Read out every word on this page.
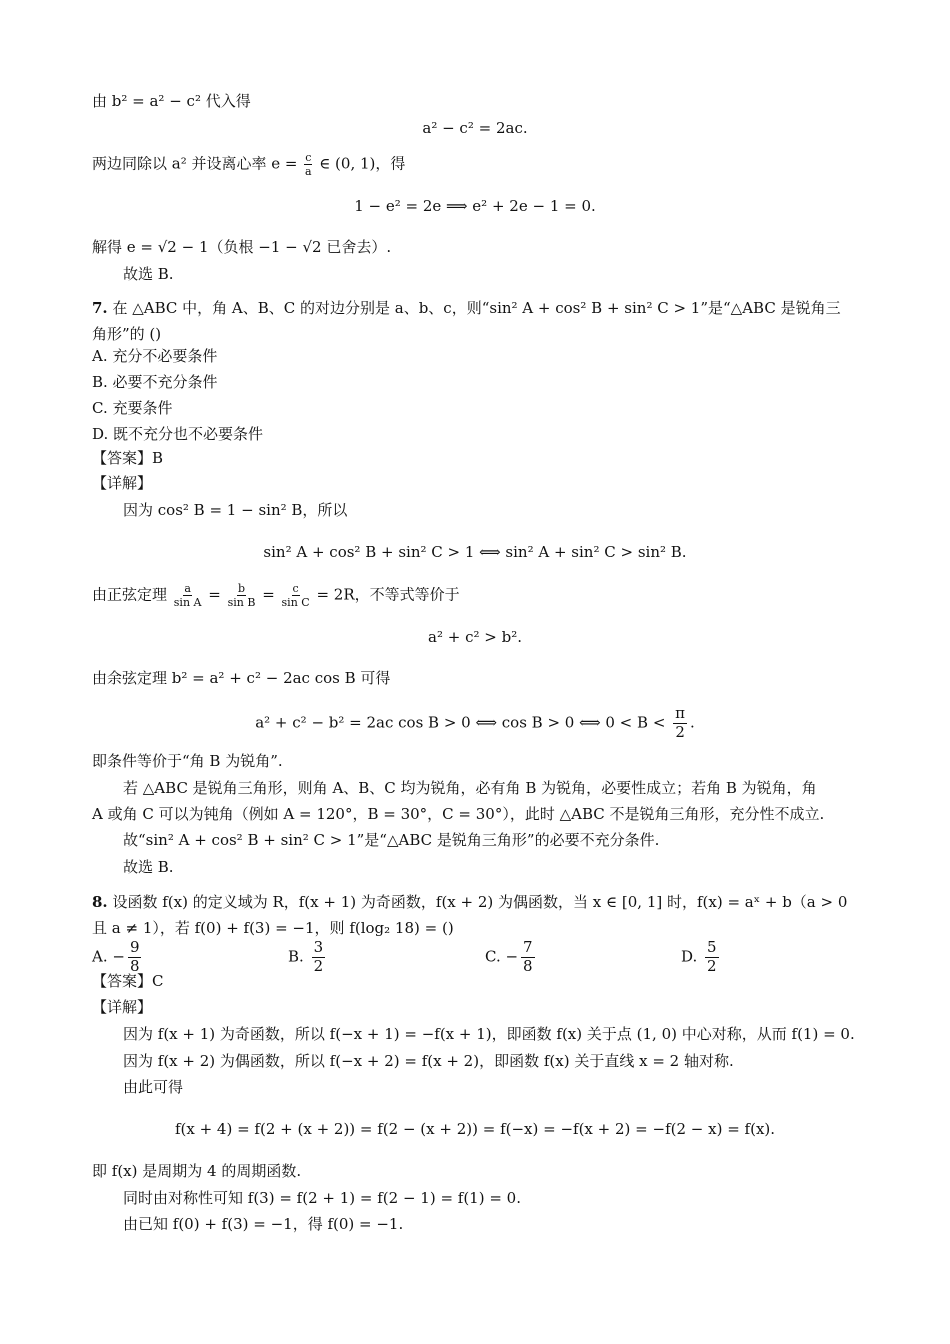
由 b² = a² − c² 代入得
a² − c² = 2ac.
两边同除以 a² 并设离心率 $e = \frac{c}{a}$ ∈ (0, 1)，得
1 − e² = 2e ⟹ e² + 2e − 1 = 0.
解得 e = √2 − 1（负根 −1 − √2 已舍去）.
故选 B.
7. 在 △ABC 中，角 A、B、C 的对边分别是 a、b、c，则“sin² A + cos² B + sin² C > 1”是“△ABC 是锐角三
角形”的 ()
A. 充分不必要条件
B. 必要不充分条件
C. 充要条件
D. 既不充分也不必要条件
【答案】B
【详解】
因为 cos² B = 1 − sin² B，所以
sin² A + cos² B + sin² C > 1 ⟺ sin² A + sin² C > sin² B.
由正弦定理 $\frac{a}{\text{sin A}} = \frac{b}{\text{sin B}} = \frac{c}{\text{sin C}} = 2R$，不等式等价于
a² + c² > b².
由余弦定理 b² = a² + c² − 2ac cos B 可得
a² + c² − b² = 2ac cos B > 0 ⟺ cos B > 0 ⟺ $0 < B < \frac{\pi}{2}$ .
即条件等价于“角 B 为锐角”.
若 △ABC 是锐角三角形，则角 A、B、C 均为锐角，必有角 B 为锐角，必要性成立；若角 B 为锐角，角
A 或角 C 可以为钝角（例如 A = 120°，B = 30°，C = 30°），此时 △ABC 不是锐角三角形，充分性不成立.
故“sin² A + cos² B + sin² C > 1”是“△ABC 是锐角三角形”的必要不充分条件.
故选 B.
8. 设函数 f(x) 的定义域为 R，f(x + 1) 为奇函数，f(x + 2) 为偶函数，当 x ∈ [0, 1] 时，f(x) = aˣ + b（a > 0
且 a ≠ 1），若 f(0) + f(3) = −1，则 f(log₂ 18) = ()
A. − $\frac{9}{8}$	B. $\frac{3}{2}$	C. − $\frac{7}{8}$	D. $\frac{5}{2}$
【答案】C
【详解】
因为 f(x + 1) 为奇函数，所以 f(−x + 1) = −f(x + 1)，即函数 f(x) 关于点 (1, 0) 中心对称，从而 f(1) = 0.
因为 f(x + 2) 为偶函数，所以 f(−x + 2) = f(x + 2)，即函数 f(x) 关于直线 x = 2 轴对称.
由此可得
f(x + 4) = f(2 + (x + 2)) = f(2 − (x + 2)) = f(−x) = −f(x + 2) = −f(2 − x) = f(x).
即 f(x) 是周期为 4 的周期函数.
同时由对称性可知 f(3) = f(2 + 1) = f(2 − 1) = f(1) = 0.
由已知 f(0) + f(3) = −1，得 f(0) = −1.
